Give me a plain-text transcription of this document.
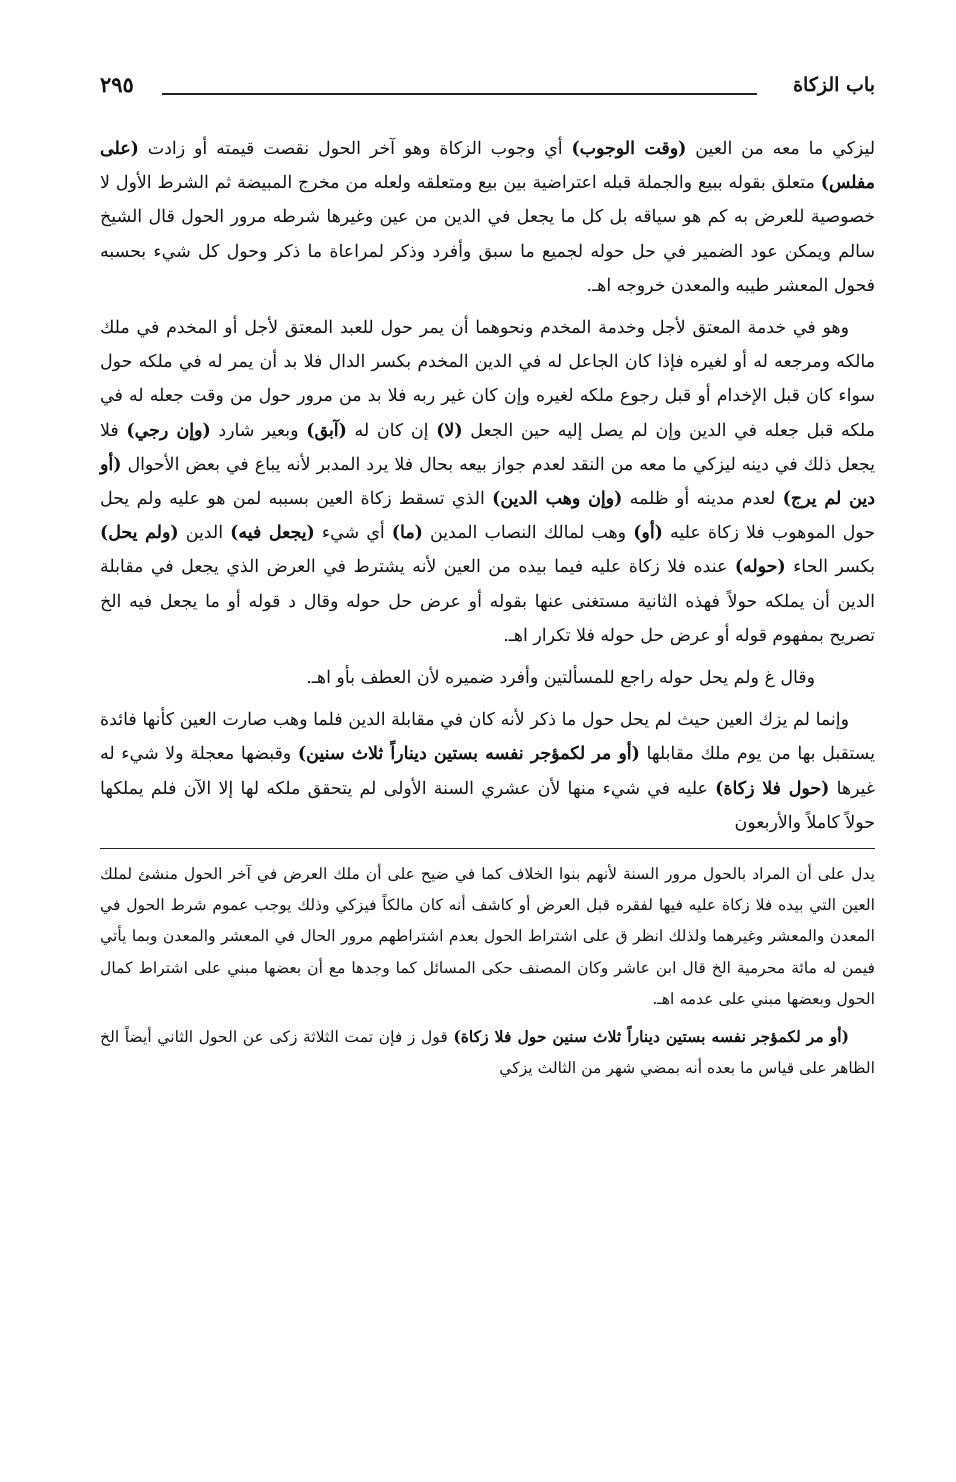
باب الزكاة
٢٩٥

ليزكي ما معه من العين (وقت الوجوب) أي وجوب الزكاة وهو آخر الحول نقصت قيمته أو زادت (على مفلس) متعلق بقوله ببيع والجملة قبله اعتراضية بين بيع ومتعلقه ولعله من مخرج المبيضة ثم الشرط الأول لا خصوصية للعرض به كم هو سياقه بل كل ما يجعل في الدين من عين وغيرها شرطه مرور الحول قال الشيخ سالم ويمكن عود الضمير في حل حوله لجميع ما سبق وأفرد وذكر لمراعاة ما ذكر وحول كل شيء بحسبه فحول المعشر طيبه والمعدن خروجه اهـ.

وهو في خدمة المعتق لأجل وخدمة المخدم ونحوهما أن يمر حول للعبد المعتق لأجل أو المخدم في ملك مالكه ومرجعه له أو لغيره فإذا كان الجاعل له في الدين المخدم بكسر الدال فلا بد أن يمر له في ملكه حول سواء كان قبل الإخدام أو قبل رجوع ملكه لغيره وإن كان غير ربه فلا بد من مرور حول من وقت جعله له في ملكه قبل جعله في الدين وإن لم يصل إليه حين الجعل (لا) إن كان له (آبق) وبعير شارد (وإن رجي) فلا يجعل ذلك في دينه ليزكي ما معه من النقد لعدم جواز بيعه بحال فلا يرد المدبر لأنه يباع في بعض الأحوال (أو دين لم يرج) لعدم مدينه أو ظلمه (وإن وهب الدين) الذي تسقط زكاة العين بسببه لمن هو عليه ولم يحل حول الموهوب فلا زكاة عليه (أو) وهب لمالك النصاب المدين (ما) أي شيء (يجعل فيه) الدين (ولم يحل) بكسر الحاء (حوله) عنده فلا زكاة عليه فيما بيده من العين لأنه يشترط في العرض الذي يجعل في مقابلة الدين أن يملكه حولاً فهذه الثانية مستغنى عنها بقوله أو عرض حل حوله وقال د قوله أو ما يجعل فيه الخ تصريح بمفهوم قوله أو عرض حل حوله فلا تكرار اهـ.

وقال غ ولم يحل حوله راجع للمسألتين وأفرد ضميره لأن العطف بأو اهـ.

وإنما لم يزك العين حيث لم يحل حول ما ذكر لأنه كان في مقابلة الدين فلما وهب صارت العين كأنها فائدة يستقبل بها من يوم ملك مقابلها (أو مر لكمؤجر نفسه بستين ديناراً ثلاث سنين) وقبضها معجلة ولا شيء له غيرها (حول فلا زكاة) عليه في شيء منها لأن عشري السنة الأولى لم يتحقق ملكه لها إلا الآن فلم يملكها حولاً كاملاً والأربعون

يدل على أن المراد بالحول مرور السنة لأنهم بنوا الخلاف كما في ضيح على أن ملك العرض في آخر الحول منشئ لملك العين التي بيده فلا زكاة عليه فيها لفقره قبل العرض أو كاشف أنه كان مالكاً فيزكي وذلك يوجب عموم شرط الحول في المعدن والمعشر وغيرهما ولذلك انظر ق على اشتراط الحول بعدم اشتراطهم مرور الحال في المعشر والمعدن وبما يأتي فيمن له مائة محرمية الخ قال ابن عاشر وكان المصنف حكى المسائل كما وجدها مع أن بعضها مبني على اشتراط كمال الحول وبعضها مبني على عدمه اهـ.

(أو مر لكمؤجر نفسه بستين ديناراً ثلاث سنين حول فلا زكاة) قول ز فإن تمت الثلاثة زكى عن الحول الثاني أيضاً الخ الظاهر على قياس ما بعده أنه بمضي شهر من الثالث يزكي
